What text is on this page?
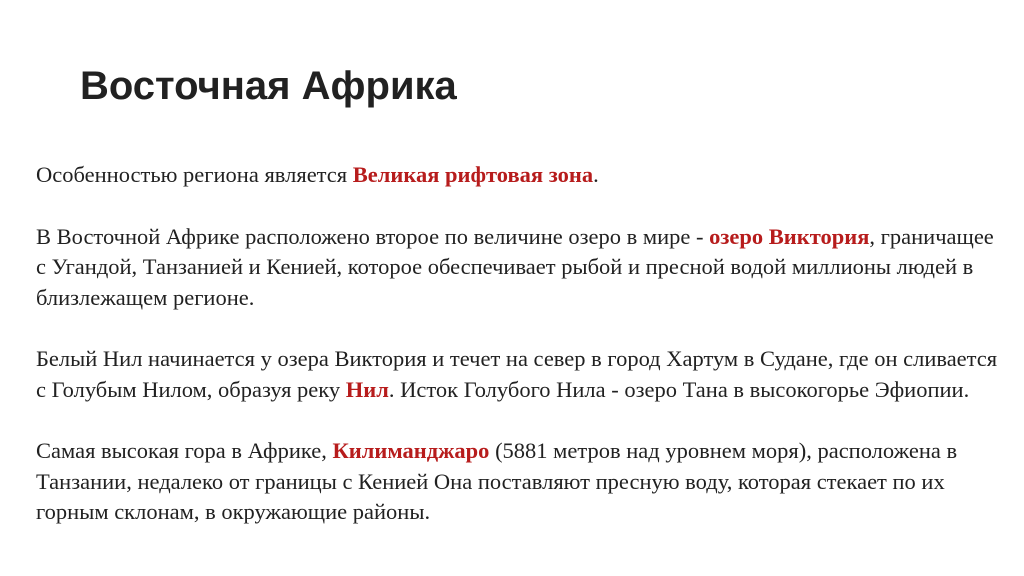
Восточная Африка

Особенностью региона является Великая рифтовая зона.

В Восточной Африке расположено второе по величине озеро в мире - озеро Виктория, граничащее с Угандой, Танзанией и Кенией, которое обеспечивает рыбой и пресной водой миллионы людей в близлежащем регионе.

Белый Нил начинается у озера Виктория и течет на север в город Хартум в Судане, где он сливается с Голубым Нилом, образуя реку Нил. Исток Голубого Нила - озеро Тана в высокогорье Эфиопии.

Самая высокая гора в Африке, Килиманджаро (5881 метров над уровнем моря), расположена в Танзании, недалеко от границы с Кенией Она поставляют пресную воду, которая стекает по их горным склонам, в окружающие районы.
